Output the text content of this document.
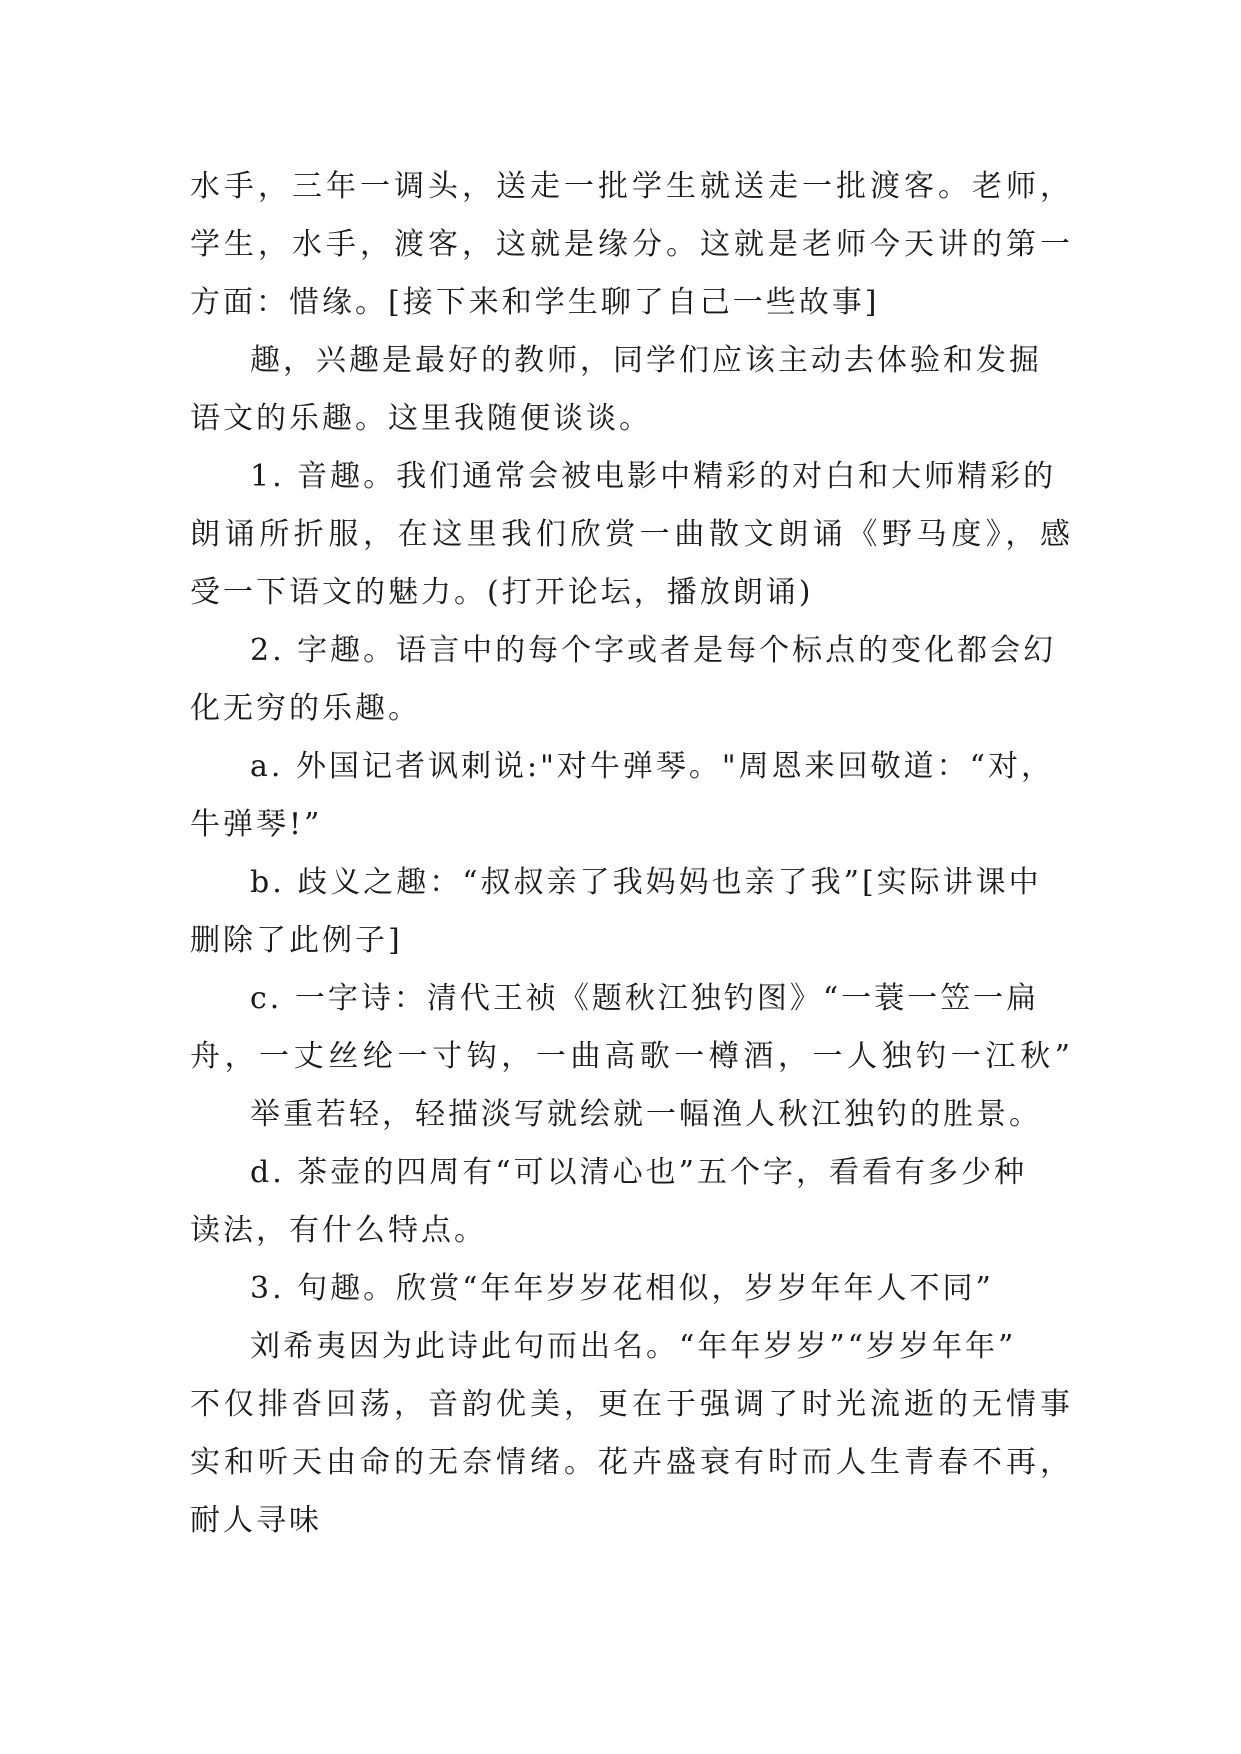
水手，三年一调头，送走一批学生就送走一批渡客。老师，
学生，水手，渡客，这就是缘分。这就是老师今天讲的第一
方面：惜缘。[接下来和学生聊了自己一些故事]
趣，兴趣是最好的教师，同学们应该主动去体验和发掘
语文的乐趣。这里我随便谈谈。
1. 音趣。我们通常会被电影中精彩的对白和大师精彩的
朗诵所折服，在这里我们欣赏一曲散文朗诵《野马度》，感
受一下语文的魅力。(打开论坛，播放朗诵)
2. 字趣。语言中的每个字或者是每个标点的变化都会幻
化无穷的乐趣。
a. 外国记者讽刺说:"对牛弹琴。"周恩来回敬道：“对，
牛弹琴!”
b. 歧义之趣：“叔叔亲了我妈妈也亲了我”[实际讲课中
删除了此例子]
c. 一字诗：清代王祯《题秋江独钓图》“一蓑一笠一扁
舟，一丈丝纶一寸钩，一曲高歌一樽酒，一人独钓一江秋”
举重若轻，轻描淡写就绘就一幅渔人秋江独钓的胜景。
d. 茶壶的四周有“可以清心也”五个字，看看有多少种
读法，有什么特点。
3. 句趣。欣赏“年年岁岁花相似，岁岁年年人不同”
刘希夷因为此诗此句而出名。“年年岁岁”“岁岁年年”
不仅排沓回荡，音韵优美，更在于强调了时光流逝的无情事
实和听天由命的无奈情绪。花卉盛衰有时而人生青春不再，
耐人寻味
